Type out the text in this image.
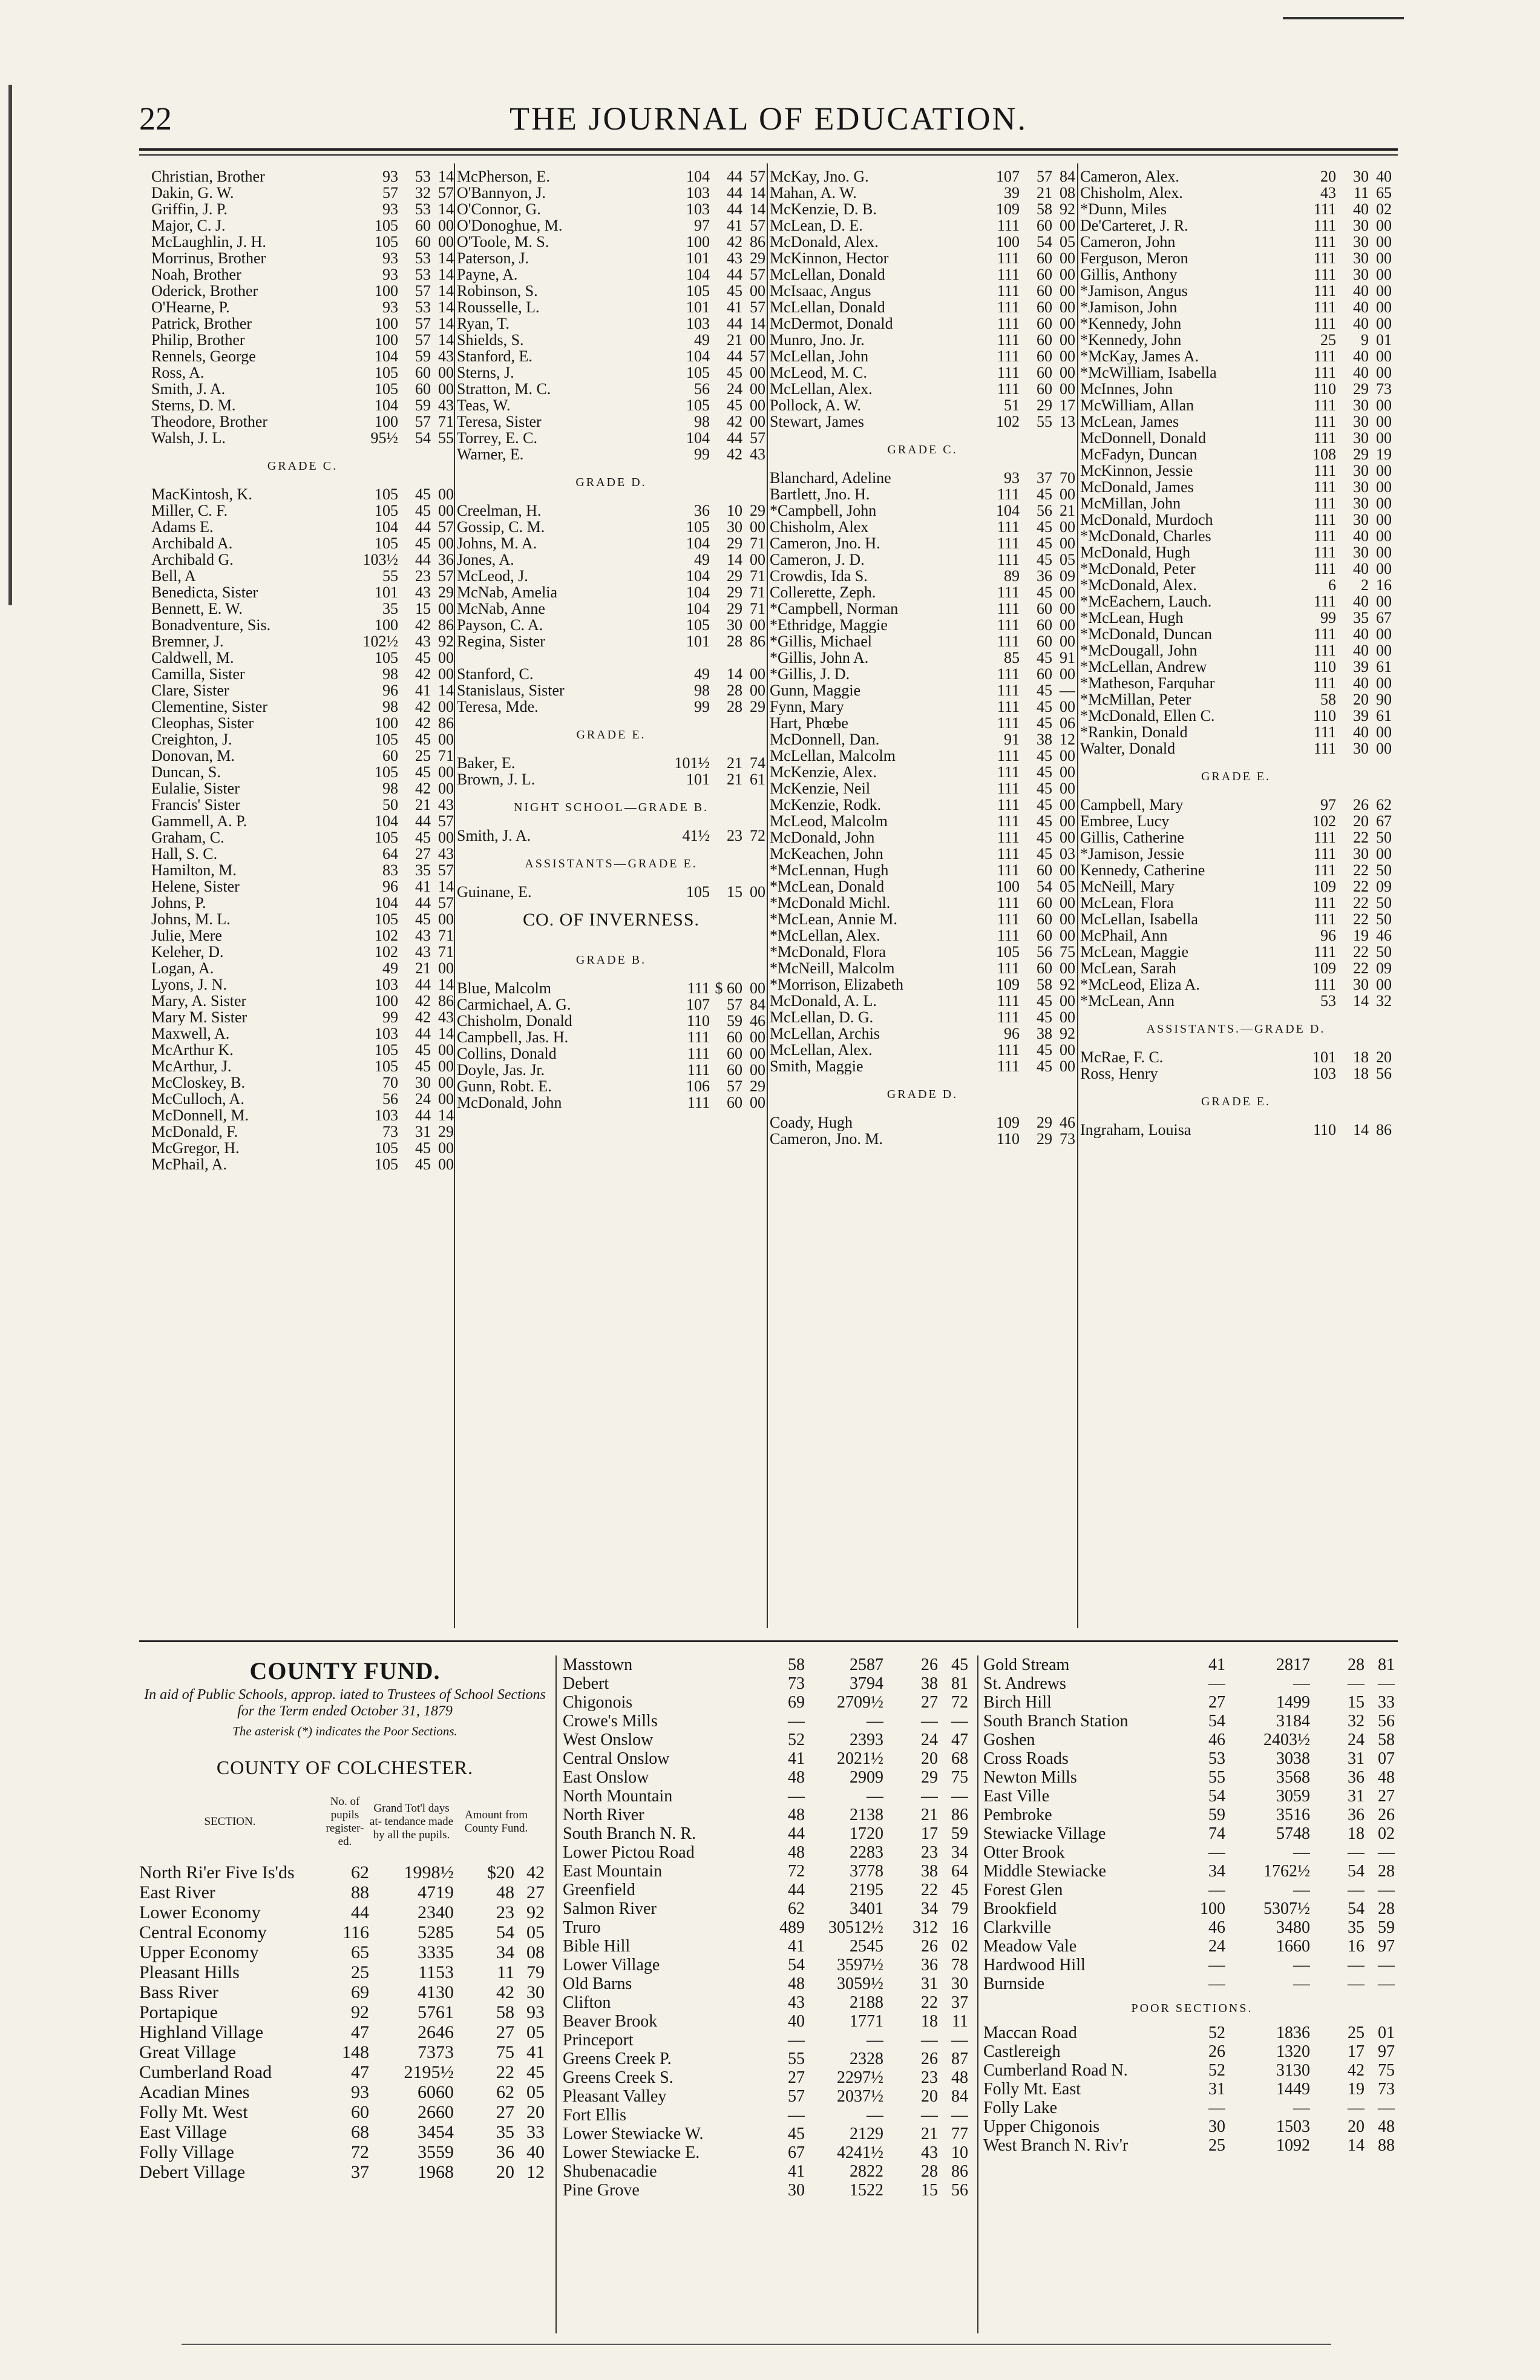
22	THE JOURNAL OF EDUCATION.
Christian, Brother	93	53 14
Dakin, G. W.	57	32 57
Griffin, J. P.	93	53 14
Major, C. J.	105	60 00
McLaughlin, J. H.	105	60 00
Morrinus, Brother	93	53 14
Noah, Brother	93	53 14
Oderick, Brother	100	57 14
O'Hearne, P.	93	53 14
Patrick, Brother	100	57 14
Philip, Brother	100	57 14
Rennels, George	104	59 43
Ross, A.	105	60 00
Smith, J. A.	105	60 00
Sterns, D. M.	104	59 43
Theodore, Brother	100	57 71
Walsh, J. L.	95½	54 55
GRADE C.
MacKintosh, K.	105	45 00
Miller, C. F.	105	45 00
Adams E.	104	44 57
Archibald A.	105	45 00
Archibald G.	103½	44 36
Bell, A	55	23 57
Benedicta, Sister	101	43 29
Bennett, E. W.	35	15 00
Bonadventure, Sis.	100	42 86
Bremner, J.	102½	43 92
Caldwell, M.	105	45 00
Camilla, Sister	98	42 00
Clare, Sister	96	41 14
Clementine, Sister	98	42 00
Cleophas, Sister	100	42 86
Creighton, J.	105	45 00
Donovan, M.	60	25 71
Duncan, S.	105	45 00
Eulalie, Sister	98	42 00
Francis' Sister	50	21 43
Gammell, A. P.	104	44 57
Graham, C.	105	45 00
Hall, S. C.	64	27 43
Hamilton, M.	83	35 57
Helene, Sister	96	41 14
Johns, P.	104	44 57
Johns, M. L.	105	45 00
Julie, Mere	102	43 71
Keleher, D.	102	43 71
Logan, A.	49	21 00
Lyons, J. N.	103	44 14
Mary, A. Sister	100	42 86
Mary M. Sister	99	42 43
Maxwell, A.	103	44 14
McArthur K.	105	45 00
McArthur, J.	105	45 00
McCloskey, B.	70	30 00
McCulloch, A.	56	24 00
McDonnell, M.	103	44 14
McDonald, F.	73	31 29
McGregor, H.	105	45 00
McPhail, A.	105	45 00
McPherson, E.	104	44 57
O'Bannyon, J.	103	44 14
O'Connor, G.	103	44 14
O'Donoghue, M.	97	41 57
O'Toole, M. S.	100	42 86
Paterson, J.	101	43 29
Payne, A.	104	44 57
Robinson, S.	105	45 00
Rousselle, L.	101	41 57
Ryan, T.	103	44 14
Shields, S.	49	21 00
Stanford, E.	104	44 57
Sterns, J.	105	45 00
Stratton, M. C.	56	24 00
Teas, W.	105	45 00
Teresa, Sister	98	42 00
Torrey, E. C.	104	44 57
Warner, E.	99	42 43
GRADE D.
Creelman, H.	36	10 29
Gossip, C. M.	105	30 00
Johns, M. A.	104	29 71
Jones, A.	49	14 00
McLeod, J.	104	29 71
McNab, Amelia	104	29 71
McNab, Anne	104	29 71
Payson, C. A.	105	30 00
Regina, Sister	101	28 86
Stanford, C.	49	14 00
Stanislaus, Sister	98	28 00
Teresa, Mde.	99	28 29
GRADE E.
Baker, E.	101½	21 74
Brown, J. L.	101	21 61
NIGHT SCHOOL—GRADE B.
Smith, J. A.	41½	23 72
ASSISTANTS—GRADE E.
Guinane, E.	105	15 00
CO. OF INVERNESS.
GRADE B.
Blue, Malcolm	111 $ 60 00
Carmichael, A. G.	107	57 84
Chisholm, Donald	110	59 46
Campbell, Jas. H.	111	60 00
Collins, Donald	111	60 00
Doyle, Jas. Jr.	111	60 00
Gunn, Robt. E.	106	57 29
McDonald, John	111	60 00
McKay, Jno. G.	107	57 84
Mahan, A. W.	39	21 08
McKenzie, D. B.	109	58 92
McLean, D. E.	111	60 00
McDonald, Alex.	100	54 05
McKinnon, Hector	111	60 00
McLellan, Donald	111	60 00
McIsaac, Angus	111	60 00
McLellan, Donald	111	60 00
McDermot, Donald	111	60 00
Munro, Jno. Jr.	111	60 00
McLellan, John	111	60 00
McLeod, M. C.	111	60 00
McLellan, Alex.	111	60 00
Pollock, A. W.	51	29 17
Stewart, James	102	55 13
GRADE C.
Blanchard, Adeline	93	37 70
Bartlett, Jno. H.	111	45 00
*Campbell, John	104	56 21
Chisholm, Alex	111	45 00
Cameron, Jno. H.	111	45 00
Cameron, J. D.	111	45 05
Crowdis, Ida S.	89	36 09
Collerette, Zeph.	111	45 00
*Campbell, Norman	111	60 00
*Ethridge, Maggie	111	60 00
*Gillis, Michael	111	60 00
*Gillis, John A.	85	45 91
*Gillis, J. D.	111	60 00
Gunn, Maggie	111	45 —
Fynn, Mary	111	45 00
Hart, Phœbe	111	45 06
McDonnell, Dan.	91	38 12
McLellan, Malcolm	111	45 00
McKenzie, Alex.	111	45 00
McKenzie, Neil	111	45 00
McKenzie, Rodk.	111	45 00
McLeod, Malcolm	111	45 00
McDonald, John	111	45 00
McKeachen, John	111	45 03
*McLennan, Hugh	111	60 00
*McLean, Donald	100	54 05
*McDonald Michl.	111	60 00
*McLean, Annie M.	111	60 00
*McLellan, Alex.	111	60 00
*McDonald, Flora	105	56 75
*McNeill, Malcolm	111	60 00
*Morrison, Elizabeth	109	58 92
McDonald, A. L.	111	45 00
McLellan, D. G.	111	45 00
McLellan, Archis	96	38 92
McLellan, Alex.	111	45 00
Smith, Maggie	111	45 00
GRADE D.
Coady, Hugh	109	29 46
Cameron, Jno. M.	110	29 73
Cameron, Alex.	20	30 40
Chisholm, Alex.	43	11 65
*Dunn, Miles	111	40 02
De'Carteret, J. R.	111	30 00
Cameron, John	111	30 00
Ferguson, Meron	111	30 00
Gillis, Anthony	111	30 00
*Jamison, Angus	111	40 00
*Jamison, John	111	40 00
*Kennedy, John	111	40 00
*Kennedy, John	25	9 01
*McKay, James A.	111	40 00
*McWilliam, Isabella	111	40 00
McInnes, John	110	29 73
McWilliam, Allan	111	30 00
McLean, James	111	30 00
McDonnell, Donald	111	30 00
McFadyn, Duncan	108	29 19
McKinnon, Jessie	111	30 00
McDonald, James	111	30 00
McMillan, John	111	30 00
McDonald, Murdoch	111	30 00
*McDonald, Charles	111	40 00
McDonald, Hugh	111	30 00
*McDonald, Peter	111	40 00
*McDonald, Alex.	6	2 16
*McEachern, Lauch.	111	40 00
*McLean, Hugh	99	35 67
*McDonald, Duncan	111	40 00
*McDougall, John	111	40 00
*McLellan, Andrew	110	39 61
*Matheson, Farquhar	111	40 00
*McMillan, Peter	58	20 90
*McDonald, Ellen C.	110	39 61
*Rankin, Donald	111	40 00
Walter, Donald	111	30 00
GRADE E.
Campbell, Mary	97	26 62
Embree, Lucy	102	20 67
Gillis, Catherine	111	22 50
*Jamison, Jessie	111	30 00
Kennedy, Catherine	111	22 50
McNeill, Mary	109	22 09
McLean, Flora	111	22 50
McLellan, Isabella	111	22 50
McPhail, Ann	96	19 46
McLean, Maggie	111	22 50
McLean, Sarah	109	22 09
*McLeod, Eliza A.	111	30 00
*McLean, Ann	53	14 32
ASSISTANTS.—GRADE D.
McRae, F. C.	101	18 20
Ross, Henry	103	18 56
GRADE E.
Ingraham, Louisa	110	14 86
COUNTY FUND.
In aid of Public Schools, approp. iated to Trustees of School Sections for the Term ended October 31, 1879
The asterisk (*) indicates the Poor Sections.
COUNTY OF COLCHESTER.
SECTION.
No. of pupils register- ed.
Grand Tot'l days at- tendance made by all the pupils.
Amount from County Fund.
North Ri'er Five Is'ds	62	1998½	$20 42
East River	88	4719	48 27
Lower Economy	44	2340	23 92
Central Economy	116	5285	54 05
Upper Economy	65	3335	34 08
Pleasant Hills	25	1153	11 79
Bass River	69	4130	42 30
Portapique	92	5761	58 93
Highland Village	47	2646	27 05
Great Village	148	7373	75 41
Cumberland Road	47	2195½	22 45
Acadian Mines	93	6060	62 05
Folly Mt. West	60	2660	27 20
East Village	68	3454	35 33
Folly Village	72	3559	36 40
Debert Village	37	1968	20 12
Masstown	58	2587	26 45
Debert	73	3794	38 81
Chigonois	69	2709½	27 72
Crowe's Mills	—	—	— —
West Onslow	52	2393	24 47
Central Onslow	41	2021½	20 68
East Onslow	48	2909	29 75
North Mountain	—	—	— —
North River	48	2138	21 86
South Branch N. R.	44	1720	17 59
Lower Pictou Road	48	2283	23 34
East Mountain	72	3778	38 64
Greenfield	44	2195	22 45
Salmon River	62	3401	34 79
Truro	489	30512½	312 16
Bible Hill	41	2545	26 02
Lower Village	54	3597½	36 78
Old Barns	48	3059½	31 30
Clifton	43	2188	22 37
Beaver Brook	40	1771	18 11
Princeport	—	—	— —
Greens Creek P.	55	2328	26 87
Greens Creek S.	27	2297½	23 48
Pleasant Valley	57	2037½	20 84
Fort Ellis	—	—	— —
Lower Stewiacke W.	45	2129	21 77
Lower Stewiacke E.	67	4241½	43 10
Shubenacadie	41	2822	28 86
Pine Grove	30	1522	15 56
Gold Stream	41	2817	28 81
St. Andrews	—	—	— —
Birch Hill	27	1499	15 33
South Branch Station	54	3184	32 56
Goshen	46	2403½	24 58
Cross Roads	53	3038	31 07
Newton Mills	55	3568	36 48
East Ville	54	3059	31 27
Pembroke	59	3516	36 26
Stewiacke Village	74	5748	18 02
Otter Brook	—	—	— —
Middle Stewiacke	34	1762½	54 28
Forest Glen	—	—	— —
Brookfield	100	5307½	54 28
Clarkville	46	3480	35 59
Meadow Vale	24	1660	16 97
Hardwood Hill	—	—	— —
Burnside	—	—	— —
POOR SECTIONS.
Maccan Road	52	1836	25 01
Castlereigh	26	1320	17 97
Cumberland Road N.	52	3130	42 75
Folly Mt. East	31	1449	19 73
Folly Lake	—	—	— —
Upper Chigonois	30	1503	20 48
West Branch N. Riv'r	25	1092	14 88
